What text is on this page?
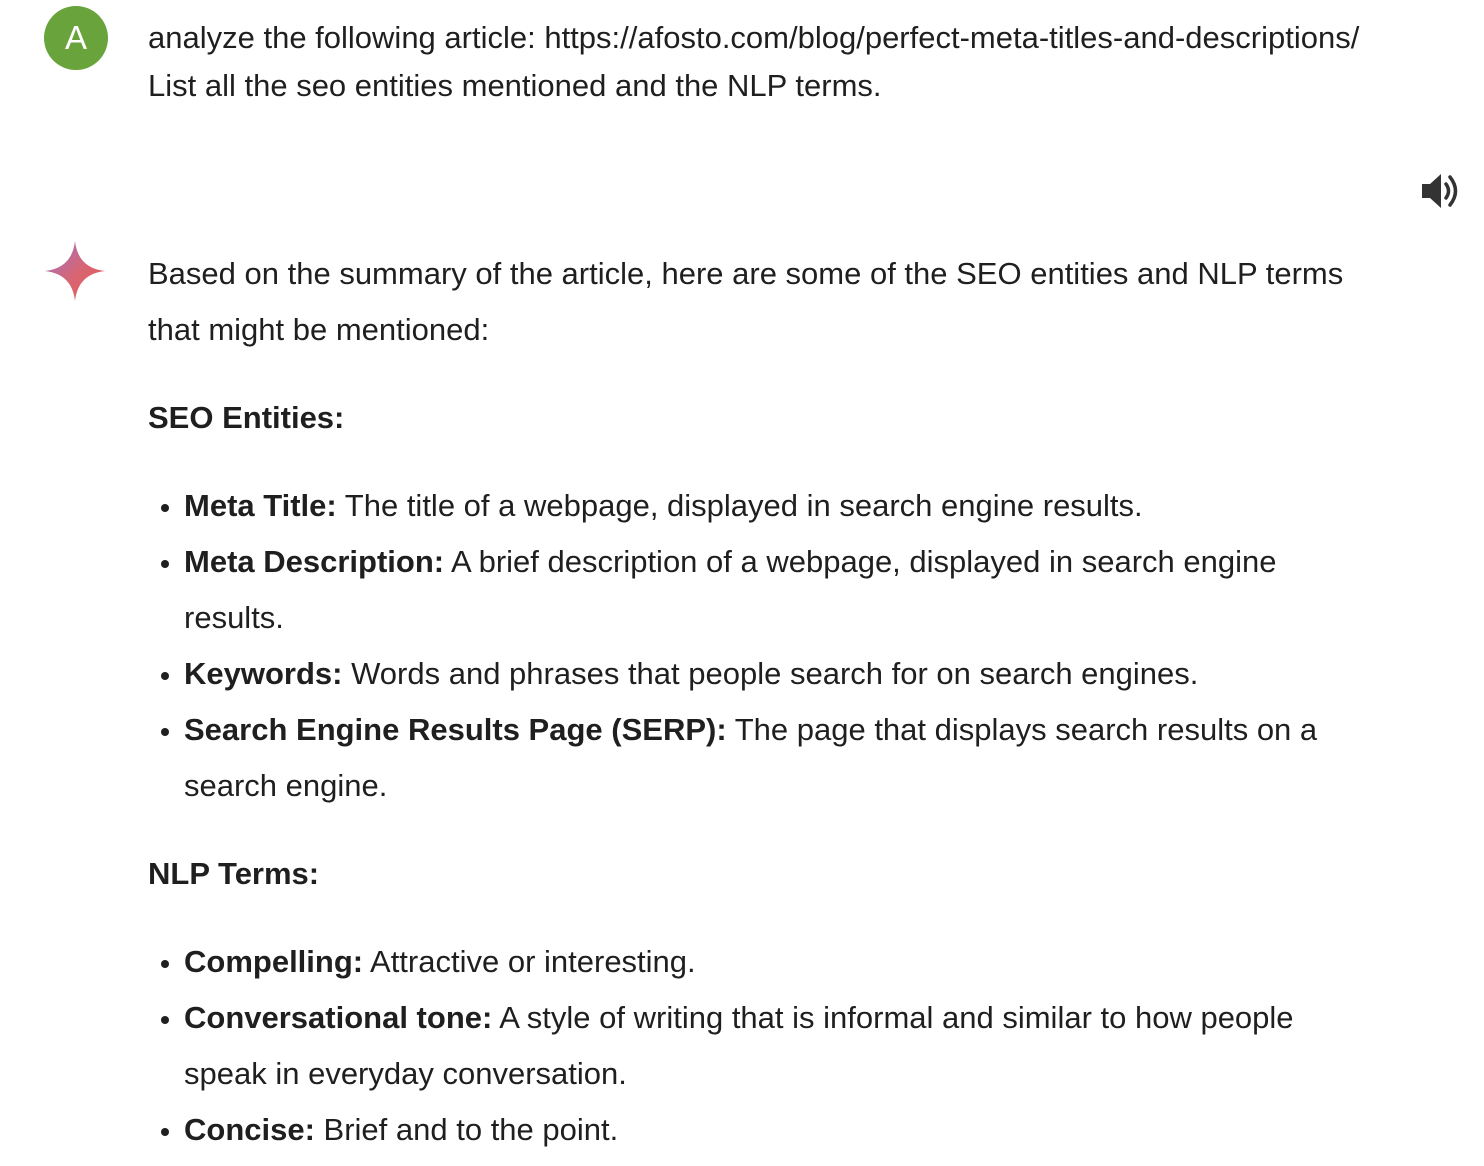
A	analyze the following article: https://afosto.com/blog/perfect-meta-titles-and-descriptions/ List all the seo entities mentioned and the NLP terms.

Based on the summary of the article, here are some of the SEO entities and NLP terms that might be mentioned:

SEO Entities:
• Meta Title: The title of a webpage, displayed in search engine results.
• Meta Description: A brief description of a webpage, displayed in search engine results.
• Keywords: Words and phrases that people search for on search engines.
• Search Engine Results Page (SERP): The page that displays search results on a search engine.
NLP Terms:
• Compelling: Attractive or interesting.
• Conversational tone: A style of writing that is informal and similar to how people speak in everyday conversation.
• Concise: Brief and to the point.
